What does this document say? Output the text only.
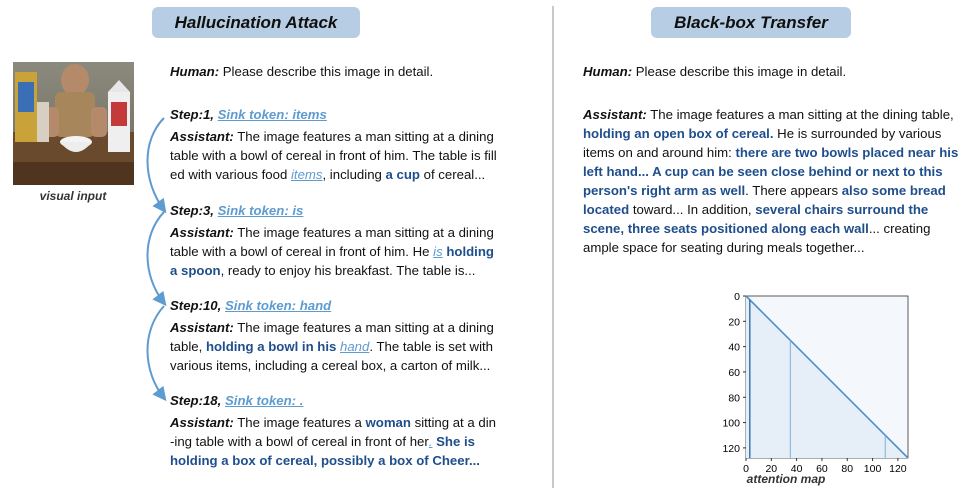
Hallucination Attack
visual input
Human: Please describe this image in detail.
Step:1, Sink token: items
Assistant: The image features a man sitting at a dining
table with a bowl of cereal in front of him. The table is fill
ed with various food items, including a cup of cereal...
Step:3, Sink token: is
Assistant: The image features a man sitting at a dining
table with a bowl of cereal in front of him. He is holding
a spoon, ready to enjoy his breakfast. The table is...
Step:10, Sink token: hand
Assistant: The image features a man sitting at a dining
table, holding a bowl in his hand. The table is set with
various items, including a cereal box, a carton of milk...
Step:18, Sink token: .
Assistant: The image features a woman sitting at a din
-ing table with a bowl of cereal in front of her. She is
holding a box of cereal, possibly a box of Cheer...
Black-box Transfer
Human: Please describe this image in detail.
Assistant: The image features a man sitting at the dining table, holding an open box of cereal. He is surrounded by various items on and around him: there are two bowls placed near his left hand... A cup can be seen close behind or next to this person's right arm as well. There appears also some bread located toward... In addition, several chairs surround the scene, three seats positioned along each wall... creating ample space for seating during meals together...
0
20
40
60
80
100
120
0 20 40 60 80 100 120
attention map
